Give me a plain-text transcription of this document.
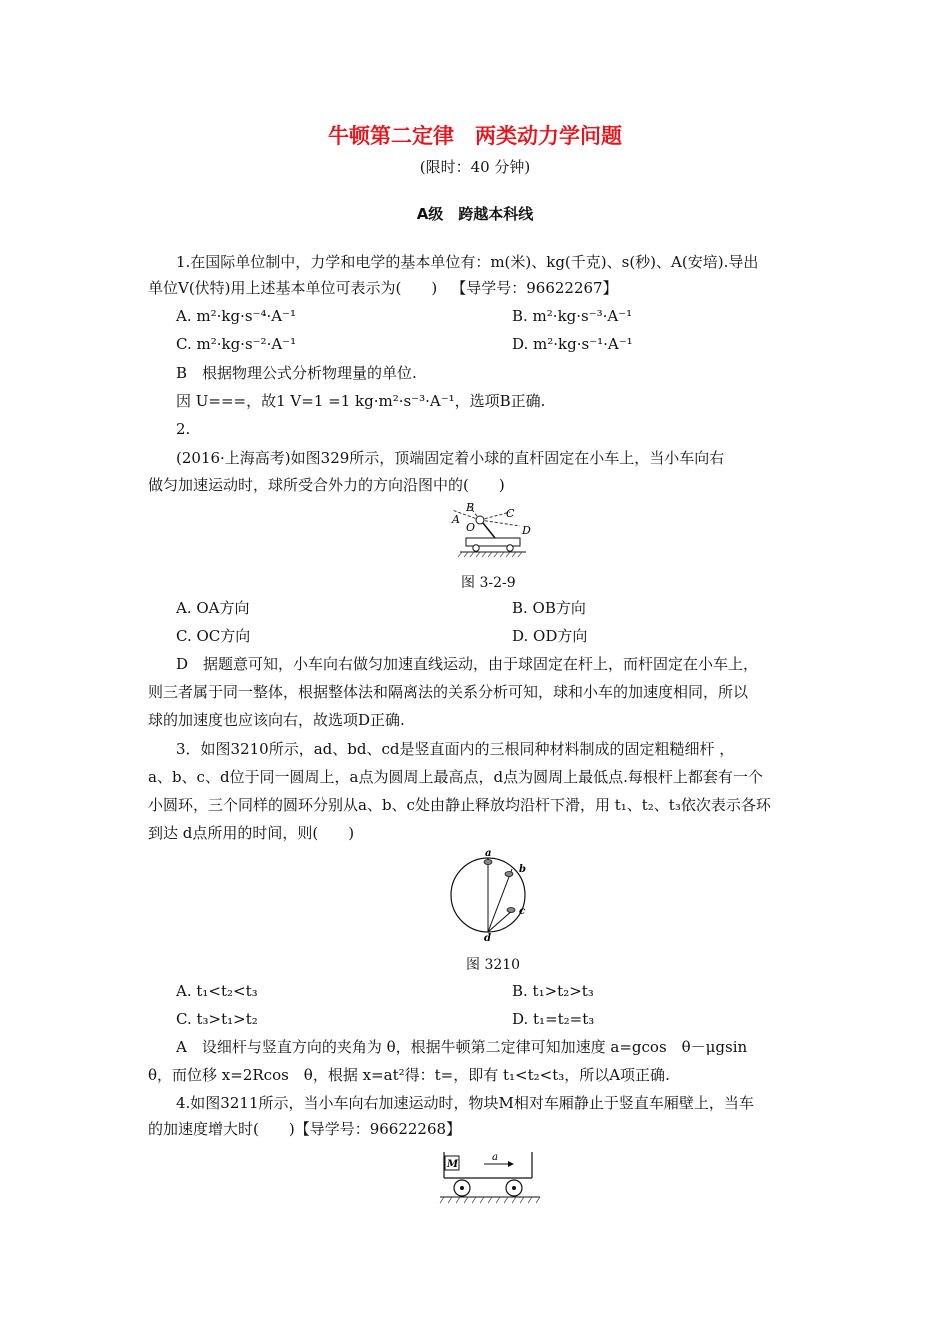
牛顿第二定律　两类动力学问题
(限时：40 分钟)
A级　跨越本科线
1.在国际单位制中，力学和电学的基本单位有：m(米)、kg(千克)、s(秒)、A(安培).导出
单位V(伏特)用上述基本单位可表示为(　　) 【导学号：96622267】
A. m²·kg·s⁻⁴·A⁻¹	B. m²·kg·s⁻³·A⁻¹
C. m²·kg·s⁻²·A⁻¹	D. m²·kg·s⁻¹·A⁻¹
B　根据物理公式分析物理量的单位.
因 U===，故1 V=1 =1 kg·m²·s⁻³·A⁻¹，选项B正确.
2.
(2016·上海高考)如图329所示，顶端固定着小球的直杆固定在小车上，当小车向右
做匀加速运动时，球所受合外力的方向沿图中的(　　)
A
B	C
D
O
图 3-2-9
A. OA方向	B. OB方向
C. OC方向	D. OD方向
D　据题意可知，小车向右做匀加速直线运动，由于球固定在杆上，而杆固定在小车上，
则三者属于同一整体，根据整体法和隔离法的关系分析可知，球和小车的加速度相同，所以
球的加速度也应该向右，故选项D正确.
3．如图3210所示，ad、bd、cd是竖直面内的三根同种材料制成的固定粗糙细杆 ，
a、b、c、d位于同一圆周上，a点为圆周上最高点，d点为圆周上最低点.每根杆上都套有一个
小圆环，三个同样的圆环分别从a、b、c处由静止释放均沿杆下滑，用 t₁、t₂、t₃依次表示各环
到达 d点所用的时间，则(　　)
a
b
c
d
图 3210
A. t₁<t₂<t₃	B. t₁>t₂>t₃
C. t₃>t₁>t₂	D. t₁=t₂=t₃
A　设细杆与竖直方向的夹角为 θ，根据牛顿第二定律可知加速度 a=gcos　θ－μgsin
θ，而位移 x=2Rcos　θ，根据 x=at²得：t=，即有 t₁<t₂<t₃，所以A项正确.
4.如图3211所示，当小车向右加速运动时，物块M相对车厢静止于竖直车厢壁上，当车
的加速度增大时(　　)【导学号：96622268】
M
a
